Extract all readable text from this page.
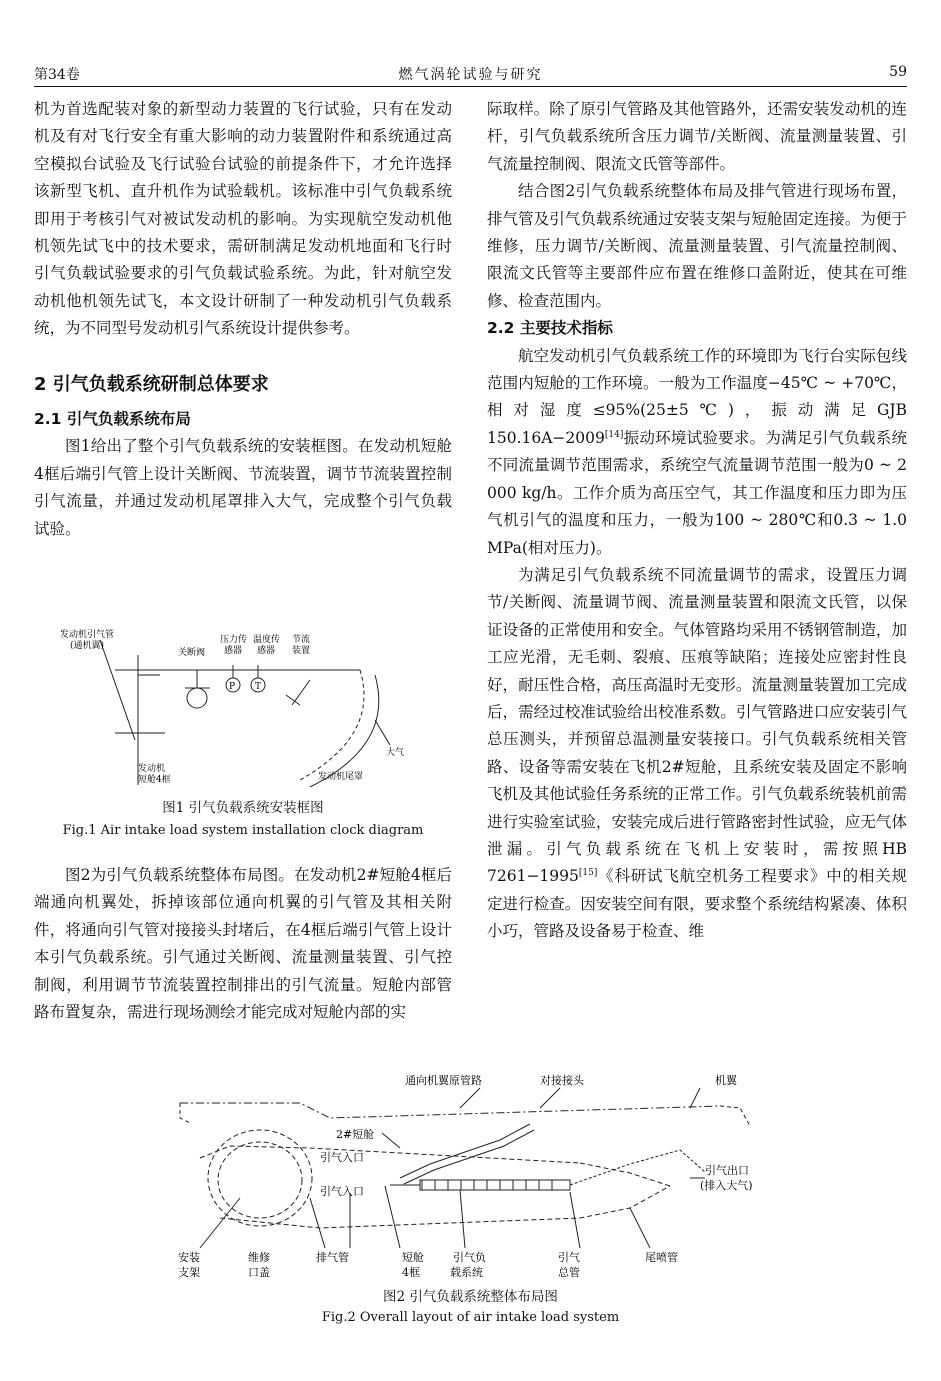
第34卷	燃气涡轮试验与研究	59

机为首选配装对象的新型动力装置的飞行试验，只有在发动机及有对飞行安全有重大影响的动力装置附件和系统通过高空模拟台试验及飞行试验台试验的前提条件下，才允许选择该新型飞机、直升机作为试验载机。该标准中引气负载系统即用于考核引气对被试发动机的影响。为实现航空发动机他机领先试飞中的技术要求，需研制满足发动机地面和飞行时引气负载试验要求的引气负载试验系统。为此，针对航空发动机他机领先试飞，本文设计研制了一种发动机引气负载系统，为不同型号发动机引气系统设计提供参考。

2 引气负载系统研制总体要求
2.1 引气负载系统布局

图1给出了整个引气负载系统的安装框图。在发动机短舱4框后端引气管上设计关断阀、节流装置，调节节流装置控制引气流量，并通过发动机尾罩排入大气，完成整个引气负载试验。

发动机引气管
(通机翼)
关断阀
压力传
感器
温度传
感器
节流
装置
P T
大气
发动机
短舱4框	发动机尾罩
图1 引气负载系统安装框图
Fig.1 Air intake load system installation clock diagram

图2为引气负载系统整体布局图。在发动机2#短舱4框后端通向机翼处，拆掉该部位通向机翼的引气管及其相关附件，将通向引气管对接接头封堵后，在4框后端引气管上设计本引气负载系统。引气通过关断阀、流量测量装置、引气控制阀，利用调节节流装置控制排出的引气流量。短舱内部管路布置复杂，需进行现场测绘才能完成对短舱内部的实

际取样。除了原引气管路及其他管路外，还需安装发动机的连杆，引气负载系统所含压力调节/关断阀、流量测量装置、引气流量控制阀、限流文氏管等部件。

结合图2引气负载系统整体布局及排气管进行现场布置，排气管及引气负载系统通过安装支架与短舱固定连接。为便于维修，压力调节/关断阀、流量测量装置、引气流量控制阀、限流文氏管等主要部件应布置在维修口盖附近，使其在可维修、检查范围内。

2.2 主要技术指标

航空发动机引气负载系统工作的环境即为飞行台实际包线范围内短舱的工作环境。一般为工作温度−45℃ ~ +70℃，相对湿度≤95%(25±5℃)，振动满足GJB 150.16A−2009[14]振动环境试验要求。为满足引气负载系统不同流量调节范围需求，系统空气流量调节范围一般为0 ~ 2 000 kg/h。工作介质为高压空气，其工作温度和压力即为压气机引气的温度和压力，一般为100 ~ 280℃和0.3 ~ 1.0 MPa(相对压力)。

为满足引气负载系统不同流量调节的需求，设置压力调节/关断阀、流量调节阀、流量测量装置和限流文氏管，以保证设备的正常使用和安全。气体管路均采用不锈钢管制造，加工应光滑，无毛刺、裂痕、压痕等缺陷；连接处应密封性良好，耐压性合格，高压高温时无变形。流量测量装置加工完成后，需经过校准试验给出校准系数。引气管路进口应安装引气总压测头，并预留总温测量安装接口。引气负载系统相关管路、设备等需安装在飞机2#短舱，且系统安装及固定不影响飞机及其他试验任务系统的正常工作。引气负载系统装机前需进行实验室试验，安装完成后进行管路密封性试验，应无气体泄漏。引气负载系统在飞机上安装时，需按照HB 7261−1995[15]《科研试飞航空机务工程要求》中的相关规定进行检查。因安装空间有限，要求整个系统结构紧凑、体积小巧，管路及设备易于检查、维

通向机翼原管路	对接接头	机翼
2#短舱
引气入口
引气入口
引气出口
(排入大气)
安装
支架
维修
口盖
排气管	短舱
4框
引气负
载系统
引气
总管
尾喷管
图2 引气负载系统整体布局图
Fig.2 Overall layout of air intake load system
